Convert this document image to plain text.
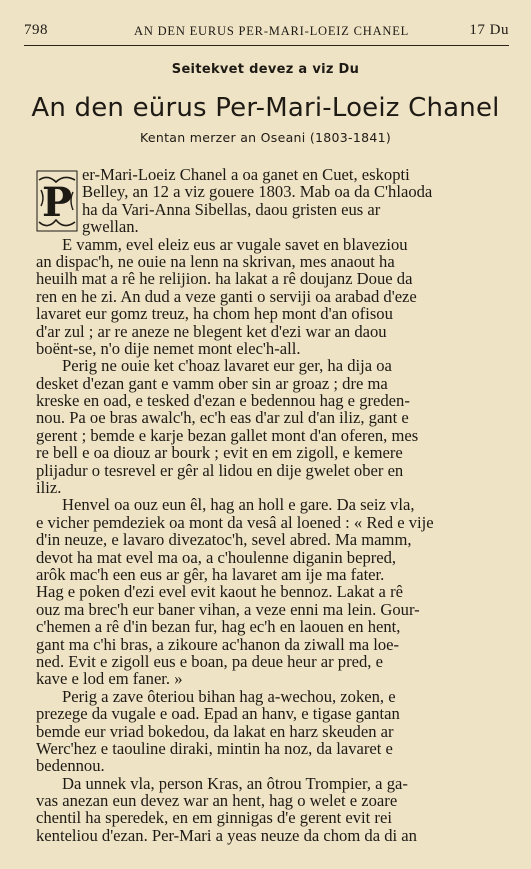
798	AN DEN EURUS PER-MARI-LOEIZ CHANEL	17 Du
Seitekvet devez a viz Du
An den eürus Per-Mari-Loeiz Chanel
Kentan merzer an Oseani (1803-1841)
P
er-Mari-Loeiz Chanel a oa ganet en Cuet, eskopti
Belley, an 12 a viz gouere 1803. Mab oa da C'hlaoda
ha da Vari-Anna Sibellas, daou gristen eus ar
gwellan.
E vamm, evel eleiz eus ar vugale savet en blaveziou
an dispac'h, ne ouie na lenn na skrivan, mes anaout ha
heuilh mat a rê he relijion. ha lakat a rê doujanz Doue da
ren en he zi. An dud a veze ganti o serviji oa arabad d'eze
lavaret eur gomz treuz, ha chom hep mont d'an ofisou
d'ar zul ; ar re aneze ne blegent ket d'ezi war an daou
boënt-se, n'o dije nemet mont elec'h-all.
Perig ne ouie ket c'hoaz lavaret eur ger, ha dija oa
desket d'ezan gant e vamm ober sin ar groaz ; dre ma
kreske en oad, e tesked d'ezan e bedennou hag e greden-
nou. Pa oe bras awalc'h, ec'h eas d'ar zul d'an iliz, gant e
gerent ; bemde e karje bezan gallet mont d'an oferen, mes
re bell e oa diouz ar bourk ; evit en em zigoll, e kemere
plijadur o tesrevel er gêr al lidou en dije gwelet ober en
iliz.
Henvel oa ouz eun êl, hag an holl e gare. Da seiz vla,
e vicher pemdeziek oa mont da vesâ al loened : « Red e vije
d'in neuze, e lavaro divezatoc'h, sevel abred. Ma mamm,
devot ha mat evel ma oa, a c'houlenne diganin bepred,
arôk mac'h een eus ar gêr, ha lavaret am ije ma fater.
Hag e poken d'ezi evel evit kaout he bennoz. Lakat a rê
ouz ma brec'h eur baner vihan, a veze enni ma lein. Gour-
c'hemen a rê d'in bezan fur, hag ec'h en laouen en hent,
gant ma c'hi bras, a zikoure ac'hanon da ziwall ma loe-
ned. Evit e zigoll eus e boan, pa deue heur ar pred, e
kave e lod em faner. »
Perig a zave ôteriou bihan hag a-wechou, zoken, e
prezege da vugale e oad. Epad an hanv, e tigase gantan
bemde eur vriad bokedou, da lakat en harz skeuden ar
Werc'hez e taouline diraki, mintin ha noz, da lavaret e
bedennou.
Da unnek vla, person Kras, an ôtrou Trompier, a ga-
vas anezan eun devez war an hent, hag o welet e zoare
chentil ha speredek, en em ginnigas d'e gerent evit rei
kenteliou d'ezan. Per-Mari a yeas neuze da chom da di an
